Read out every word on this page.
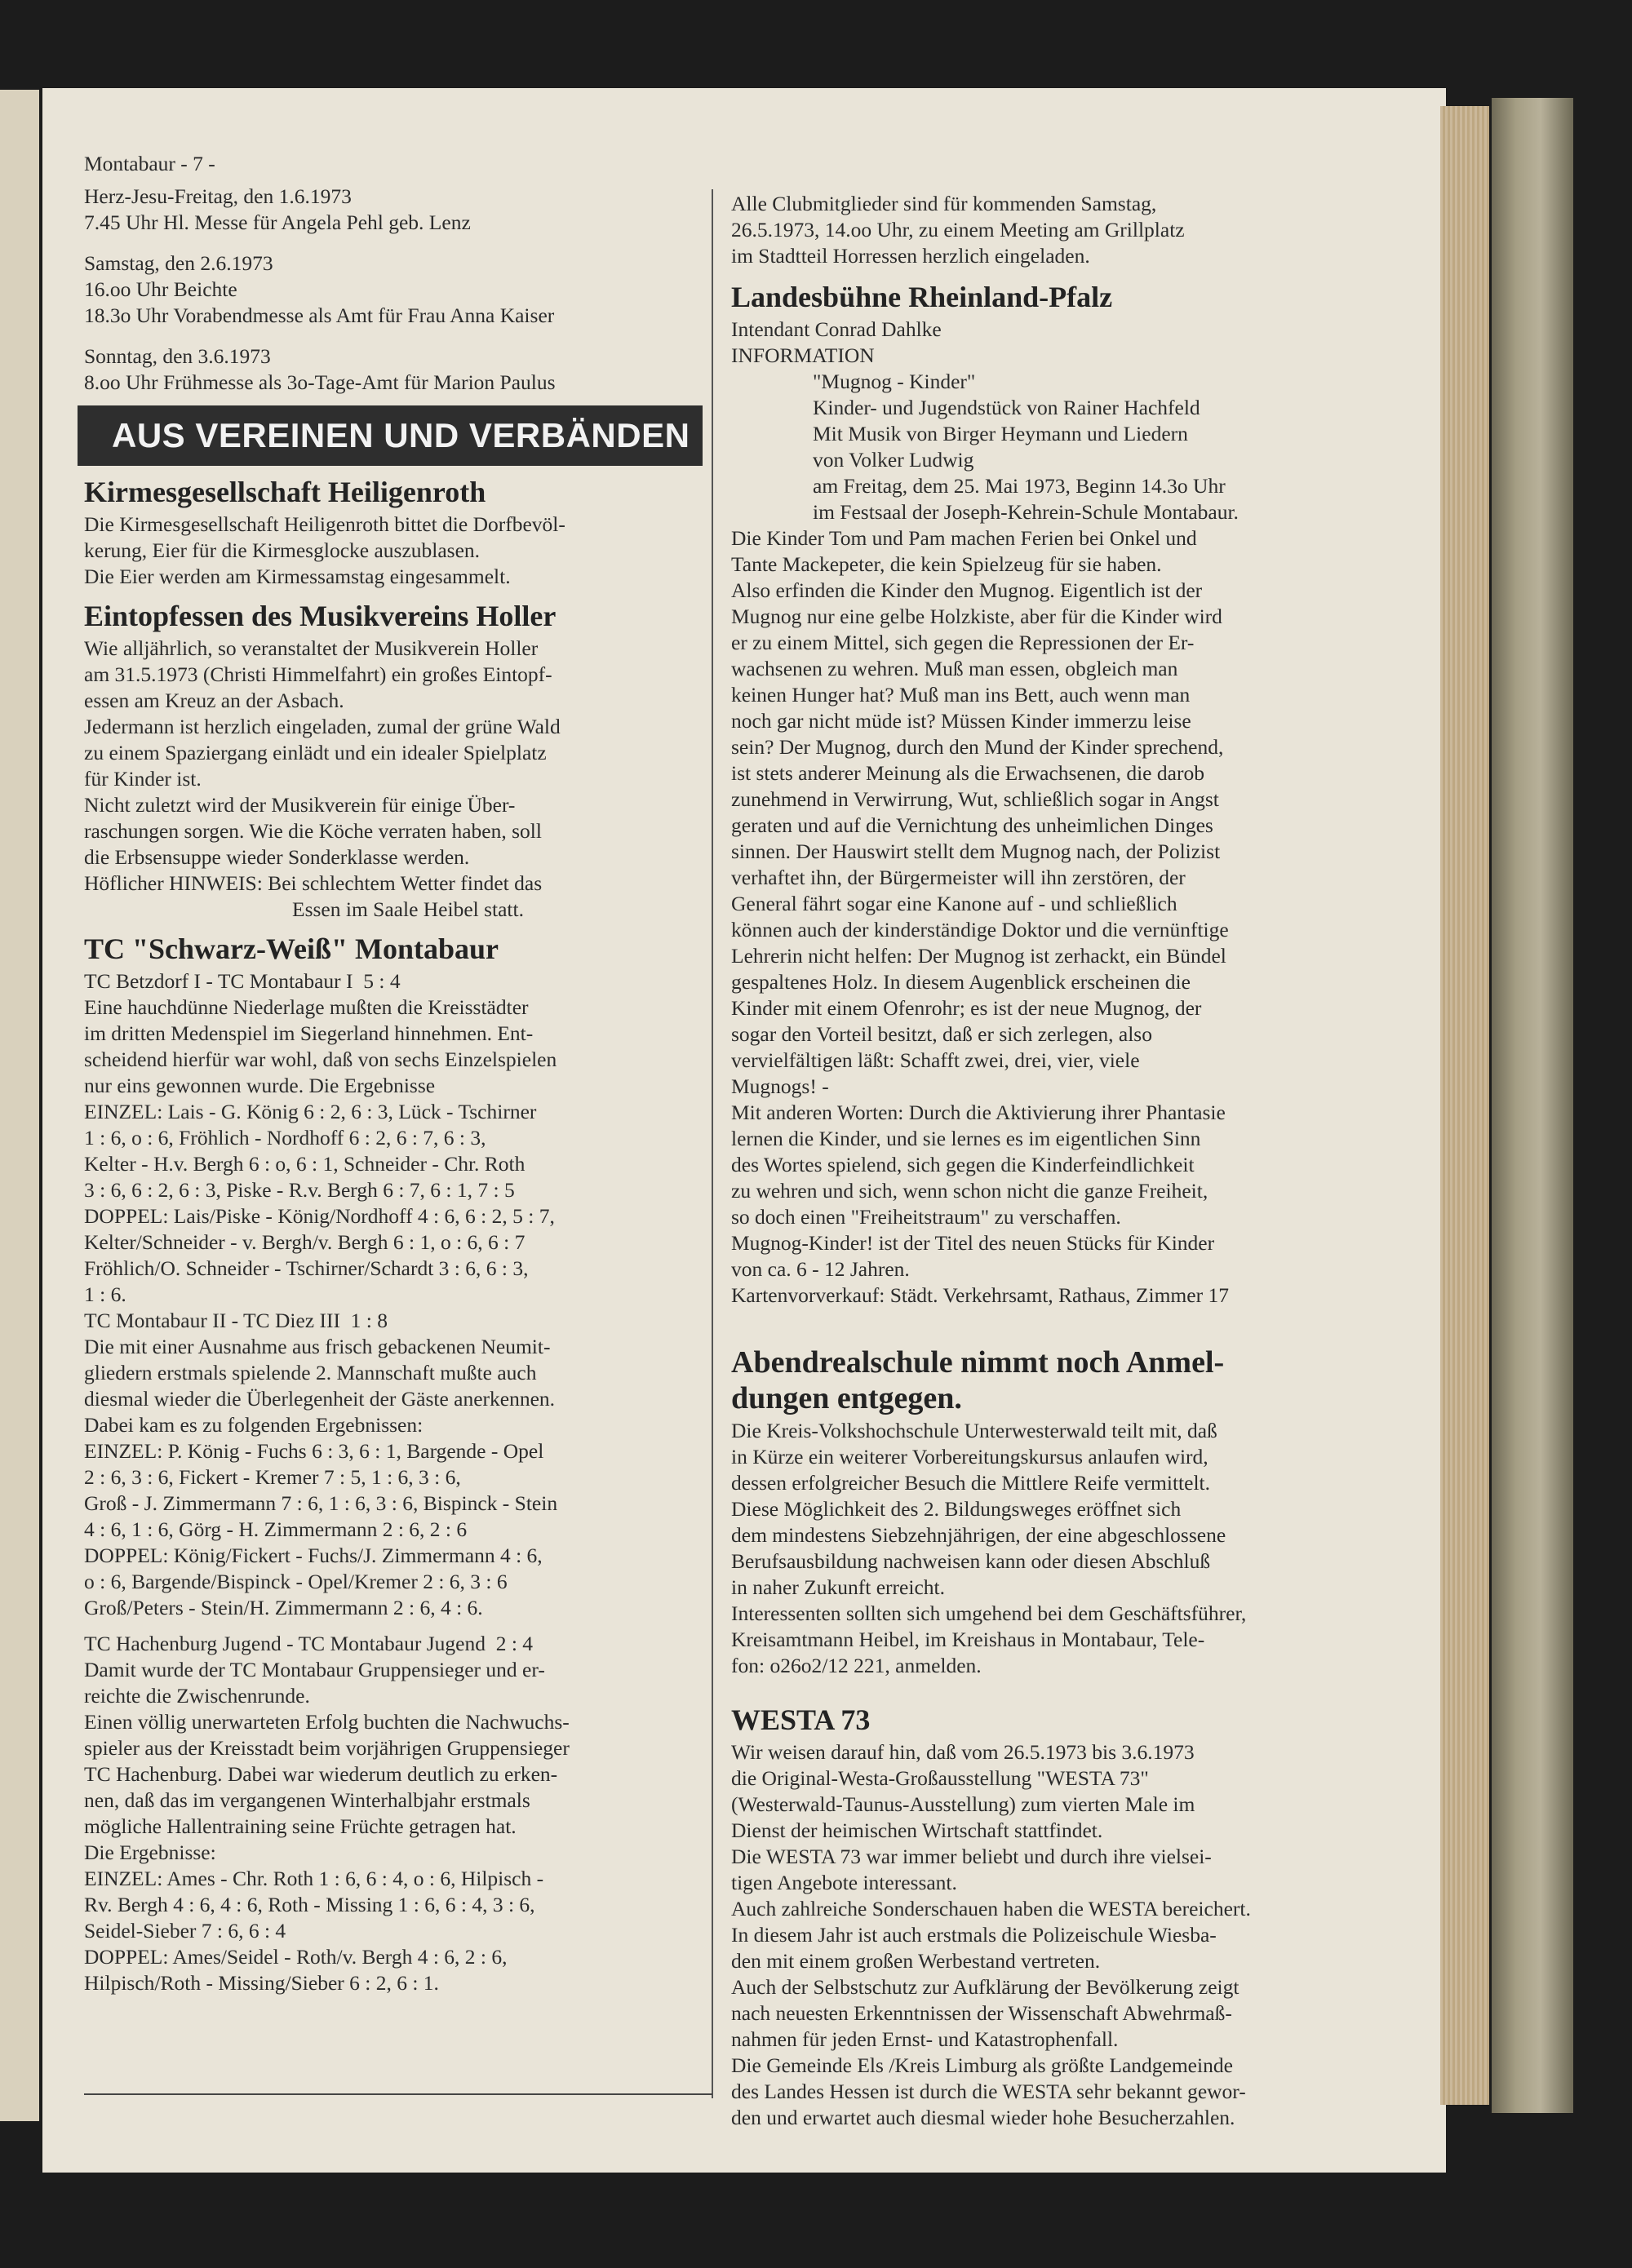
Montabaur - 7 -

Herz-Jesu-Freitag, den 1.6.1973

7.45 Uhr Hl. Messe für Angela Pehl geb. Lenz

Samstag, den 2.6.1973

16.oo Uhr Beichte

18.3o Uhr Vorabendmesse als Amt für Frau Anna Kaiser

Sonntag, den 3.6.1973

8.oo Uhr Frühmesse als 3o-Tage-Amt für Marion Paulus

AUS VEREINEN UND VERBÄNDEN
Kirmesgesellschaft Heiligenroth

Die Kirmesgesellschaft Heiligenroth bittet die Dorfbevöl-

kerung, Eier für die Kirmesglocke auszublasen.

Die Eier werden am Kirmessamstag eingesammelt.

Eintopfessen des Musikvereins Holler

Wie alljährlich, so veranstaltet der Musikverein Holler

am 31.5.1973 (Christi Himmelfahrt) ein großes Eintopf-

essen am Kreuz an der Asbach.

Jedermann ist herzlich eingeladen, zumal der grüne Wald

zu einem Spaziergang einlädt und ein idealer Spielplatz

für Kinder ist.

Nicht zuletzt wird der Musikverein für einige Über-

raschungen sorgen. Wie die Köche verraten haben, soll

die Erbsensuppe wieder Sonderklasse werden.

Höflicher HINWEIS: Bei schlechtem Wetter findet das

Essen im Saale Heibel statt.

TC "Schwarz-Weiß" Montabaur

TC Betzdorf I - TC Montabaur I  5 : 4

Eine hauchdünne Niederlage mußten die Kreisstädter

im dritten Medenspiel im Siegerland hinnehmen. Ent-

scheidend hierfür war wohl, daß von sechs Einzelspielen

nur eins gewonnen wurde. Die Ergebnisse

EINZEL: Lais - G. König 6 : 2, 6 : 3, Lück - Tschirner

1 : 6, o : 6, Fröhlich - Nordhoff 6 : 2, 6 : 7, 6 : 3,

Kelter - H.v. Bergh 6 : o, 6 : 1, Schneider - Chr. Roth

3 : 6, 6 : 2, 6 : 3, Piske - R.v. Bergh 6 : 7, 6 : 1, 7 : 5

DOPPEL: Lais/Piske - König/Nordhoff 4 : 6, 6 : 2, 5 : 7,

Kelter/Schneider - v. Bergh/v. Bergh 6 : 1, o : 6, 6 : 7

Fröhlich/O. Schneider - Tschirner/Schardt 3 : 6, 6 : 3,

1 : 6.

TC Montabaur II - TC Diez III  1 : 8

Die mit einer Ausnahme aus frisch gebackenen Neumit-

gliedern erstmals spielende 2. Mannschaft mußte auch

diesmal wieder die Überlegenheit der Gäste anerkennen.

Dabei kam es zu folgenden Ergebnissen:

EINZEL: P. König - Fuchs 6 : 3, 6 : 1, Bargende - Opel

2 : 6, 3 : 6, Fickert - Kremer 7 : 5, 1 : 6, 3 : 6,

Groß - J. Zimmermann 7 : 6, 1 : 6, 3 : 6, Bispinck - Stein

4 : 6, 1 : 6, Görg - H. Zimmermann 2 : 6, 2 : 6

DOPPEL: König/Fickert - Fuchs/J. Zimmermann 4 : 6,

o : 6, Bargende/Bispinck - Opel/Kremer 2 : 6, 3 : 6

Groß/Peters - Stein/H. Zimmermann 2 : 6, 4 : 6.

TC Hachenburg Jugend - TC Montabaur Jugend  2 : 4

Damit wurde der TC Montabaur Gruppensieger und er-

reichte die Zwischenrunde.

Einen völlig unerwarteten Erfolg buchten die Nachwuchs-

spieler aus der Kreisstadt beim vorjährigen Gruppensieger

TC Hachenburg. Dabei war wiederum deutlich zu erken-

nen, daß das im vergangenen Winterhalbjahr erstmals

mögliche Hallentraining seine Früchte getragen hat.

Die Ergebnisse:

EINZEL: Ames - Chr. Roth 1 : 6, 6 : 4, o : 6, Hilpisch -

Rv. Bergh 4 : 6, 4 : 6, Roth - Missing 1 : 6, 6 : 4, 3 : 6,

Seidel-Sieber 7 : 6, 6 : 4

DOPPEL: Ames/Seidel - Roth/v. Bergh 4 : 6, 2 : 6,

Hilpisch/Roth - Missing/Sieber 6 : 2, 6 : 1.

Alle Clubmitglieder sind für kommenden Samstag,

26.5.1973, 14.oo Uhr, zu einem Meeting am Grillplatz

im Stadtteil Horressen herzlich eingeladen.

Landesbühne Rheinland-Pfalz

Intendant Conrad Dahlke

INFORMATION

"Mugnog - Kinder"

Kinder- und Jugendstück von Rainer Hachfeld

Mit Musik von Birger Heymann und Liedern

von Volker Ludwig

am Freitag, dem 25. Mai 1973, Beginn 14.3o Uhr

im Festsaal der Joseph-Kehrein-Schule Montabaur.

Die Kinder Tom und Pam machen Ferien bei Onkel und

Tante Mackepeter, die kein Spielzeug für sie haben.

Also erfinden die Kinder den Mugnog. Eigentlich ist der

Mugnog nur eine gelbe Holzkiste, aber für die Kinder wird

er zu einem Mittel, sich gegen die Repressionen der Er-

wachsenen zu wehren. Muß man essen, obgleich man

keinen Hunger hat? Muß man ins Bett, auch wenn man

noch gar nicht müde ist? Müssen Kinder immerzu leise

sein? Der Mugnog, durch den Mund der Kinder sprechend,

ist stets anderer Meinung als die Erwachsenen, die darob

zunehmend in Verwirrung, Wut, schließlich sogar in Angst

geraten und auf die Vernichtung des unheimlichen Dinges

sinnen. Der Hauswirt stellt dem Mugnog nach, der Polizist

verhaftet ihn, der Bürgermeister will ihn zerstören, der

General fährt sogar eine Kanone auf - und schließlich

können auch der kinderständige Doktor und die vernünftige

Lehrerin nicht helfen: Der Mugnog ist zerhackt, ein Bündel

gespaltenes Holz. In diesem Augenblick erscheinen die

Kinder mit einem Ofenrohr; es ist der neue Mugnog, der

sogar den Vorteil besitzt, daß er sich zerlegen, also

vervielfältigen läßt: Schafft zwei, drei, vier, viele

Mugnogs! -

Mit anderen Worten: Durch die Aktivierung ihrer Phantasie

lernen die Kinder, und sie lernes es im eigentlichen Sinn

des Wortes spielend, sich gegen die Kinderfeindlichkeit

zu wehren und sich, wenn schon nicht die ganze Freiheit,

so doch einen "Freiheitstraum" zu verschaffen.

Mugnog-Kinder! ist der Titel des neuen Stücks für Kinder

von ca. 6 - 12 Jahren.

Kartenvorverkauf: Städt. Verkehrsamt, Rathaus, Zimmer 17

Abendrealschule nimmt noch Anmel-
dungen entgegen.

Die Kreis-Volkshochschule Unterwesterwald teilt mit, daß

in Kürze ein weiterer Vorbereitungskursus anlaufen wird,

dessen erfolgreicher Besuch die Mittlere Reife vermittelt.

Diese Möglichkeit des 2. Bildungsweges eröffnet sich

dem mindestens Siebzehnjährigen, der eine abgeschlossene

Berufsausbildung nachweisen kann oder diesen Abschluß

in naher Zukunft erreicht.

Interessenten sollten sich umgehend bei dem Geschäftsführer,

Kreisamtmann Heibel, im Kreishaus in Montabaur, Tele-

fon: o26o2/12 221, anmelden.

WESTA 73

Wir weisen darauf hin, daß vom 26.5.1973 bis 3.6.1973

die Original-Westa-Großausstellung "WESTA 73"

(Westerwald-Taunus-Ausstellung) zum vierten Male im

Dienst der heimischen Wirtschaft stattfindet.

Die WESTA 73 war immer beliebt und durch ihre vielsei-

tigen Angebote interessant.

Auch zahlreiche Sonderschauen haben die WESTA bereichert.

In diesem Jahr ist auch erstmals die Polizeischule Wiesba-

den mit einem großen Werbestand vertreten.

Auch der Selbstschutz zur Aufklärung der Bevölkerung zeigt

nach neuesten Erkenntnissen der Wissenschaft Abwehrmaß-

nahmen für jeden Ernst- und Katastrophenfall.

Die Gemeinde Els /Kreis Limburg als größte Landgemeinde

des Landes Hessen ist durch die WESTA sehr bekannt gewor-

den und erwartet auch diesmal wieder hohe Besucherzahlen.
